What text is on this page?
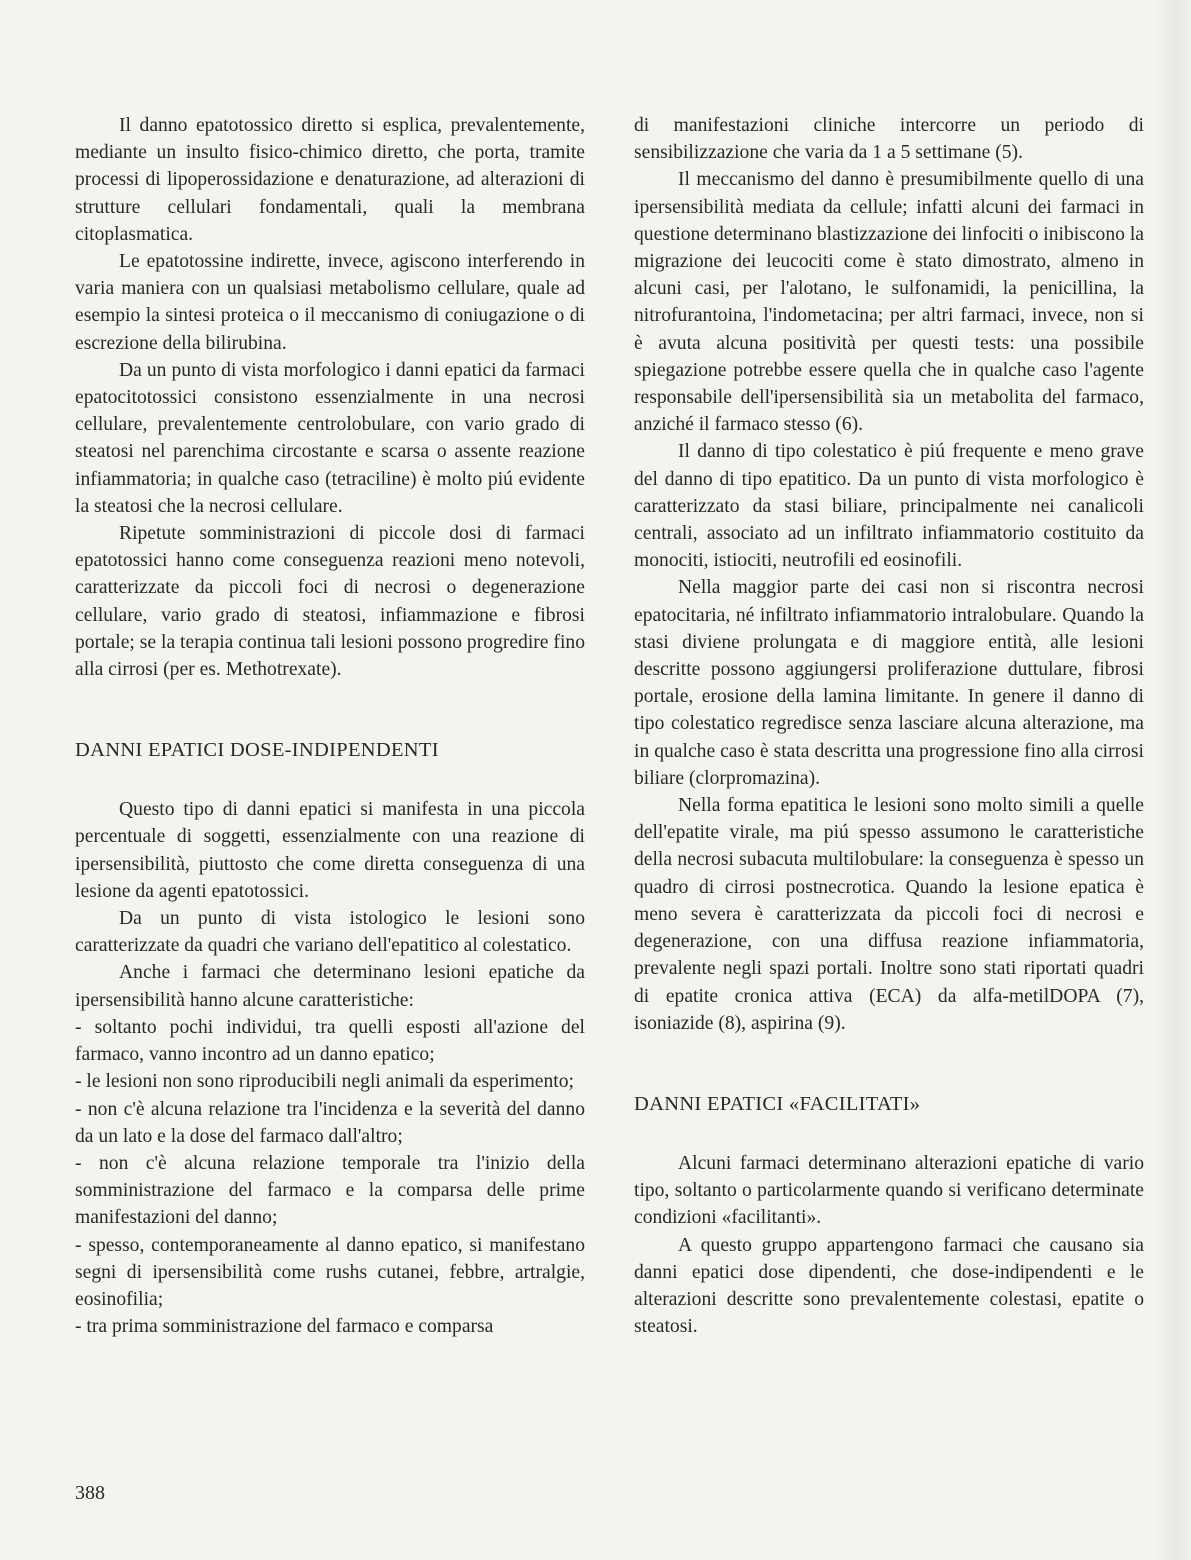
Il danno epatotossico diretto si esplica, prevalentemente, mediante un insulto fisico-chimico diretto, che porta, tramite processi di lipoperossidazione e denaturazione, ad alterazioni di strutture cellulari fondamentali, quali la membrana citoplasmatica.

Le epatotossine indirette, invece, agiscono interferendo in varia maniera con un qualsiasi metabolismo cellulare, quale ad esempio la sintesi proteica o il meccanismo di coniugazione o di escrezione della bilirubina.

Da un punto di vista morfologico i danni epatici da farmaci epatocitotossici consistono essenzialmente in una necrosi cellulare, prevalentemente centrolobulare, con vario grado di steatosi nel parenchima circostante e scarsa o assente reazione infiammatoria; in qualche caso (tetraciline) è molto piú evidente la steatosi che la necrosi cellulare.

Ripetute somministrazioni di piccole dosi di farmaci epatotossici hanno come conseguenza reazioni meno notevoli, caratterizzate da piccoli foci di necrosi o degenerazione cellulare, vario grado di steatosi, infiammazione e fibrosi portale; se la terapia continua tali lesioni possono progredire fino alla cirrosi (per es. Methotrexate).

DANNI EPATICI DOSE-INDIPENDENTI

Questo tipo di danni epatici si manifesta in una piccola percentuale di soggetti, essenzialmente con una reazione di ipersensibilità, piuttosto che come diretta conseguenza di una lesione da agenti epatotossici.

Da un punto di vista istologico le lesioni sono caratterizzate da quadri che variano dell'epatitico al colestatico.

Anche i farmaci che determinano lesioni epatiche da ipersensibilità hanno alcune caratteristiche:

- soltanto pochi individui, tra quelli esposti all'azione del farmaco, vanno incontro ad un danno epatico;

- le lesioni non sono riproducibili negli animali da esperimento;

- non c'è alcuna relazione tra l'incidenza e la severità del danno da un lato e la dose del farmaco dall'altro;

- non c'è alcuna relazione temporale tra l'inizio della somministrazione del farmaco e la comparsa delle prime manifestazioni del danno;

- spesso, contemporaneamente al danno epatico, si manifestano segni di ipersensibilità come rushs cutanei, febbre, artralgie, eosinofilia;

- tra prima somministrazione del farmaco e comparsa

di manifestazioni cliniche intercorre un periodo di sensibilizzazione che varia da 1 a 5 settimane (5).

Il meccanismo del danno è presumibilmente quello di una ipersensibilità mediata da cellule; infatti alcuni dei farmaci in questione determinano blastizzazione dei linfociti o inibiscono la migrazione dei leucociti come è stato dimostrato, almeno in alcuni casi, per l'alotano, le sulfonamidi, la penicillina, la nitrofurantoina, l'indometacina; per altri farmaci, invece, non si è avuta alcuna positività per questi tests: una possibile spiegazione potrebbe essere quella che in qualche caso l'agente responsabile dell'ipersensibilità sia un metabolita del farmaco, anziché il farmaco stesso (6).

Il danno di tipo colestatico è piú frequente e meno grave del danno di tipo epatitico. Da un punto di vista morfologico è caratterizzato da stasi biliare, principalmente nei canalicoli centrali, associato ad un infiltrato infiammatorio costituito da monociti, istiociti, neutrofili ed eosinofili.

Nella maggior parte dei casi non si riscontra necrosi epatocitaria, né infiltrato infiammatorio intralobulare. Quando la stasi diviene prolungata e di maggiore entità, alle lesioni descritte possono aggiungersi proliferazione duttulare, fibrosi portale, erosione della lamina limitante. In genere il danno di tipo colestatico regredisce senza lasciare alcuna alterazione, ma in qualche caso è stata descritta una progressione fino alla cirrosi biliare (clorpromazina).

Nella forma epatitica le lesioni sono molto simili a quelle dell'epatite virale, ma piú spesso assumono le caratteristiche della necrosi subacuta multilobulare: la conseguenza è spesso un quadro di cirrosi postnecrotica. Quando la lesione epatica è meno severa è caratterizzata da piccoli foci di necrosi e degenerazione, con una diffusa reazione infiammatoria, prevalente negli spazi portali. Inoltre sono stati riportati quadri di epatite cronica attiva (ECA) da alfa-metilDOPA (7), isoniazide (8), aspirina (9).

DANNI EPATICI «FACILITATI»

Alcuni farmaci determinano alterazioni epatiche di vario tipo, soltanto o particolarmente quando si verificano determinate condizioni «facilitanti».

A questo gruppo appartengono farmaci che causano sia danni epatici dose dipendenti, che dose-indipendenti e le alterazioni descritte sono prevalentemente colestasi, epatite o steatosi.

388
